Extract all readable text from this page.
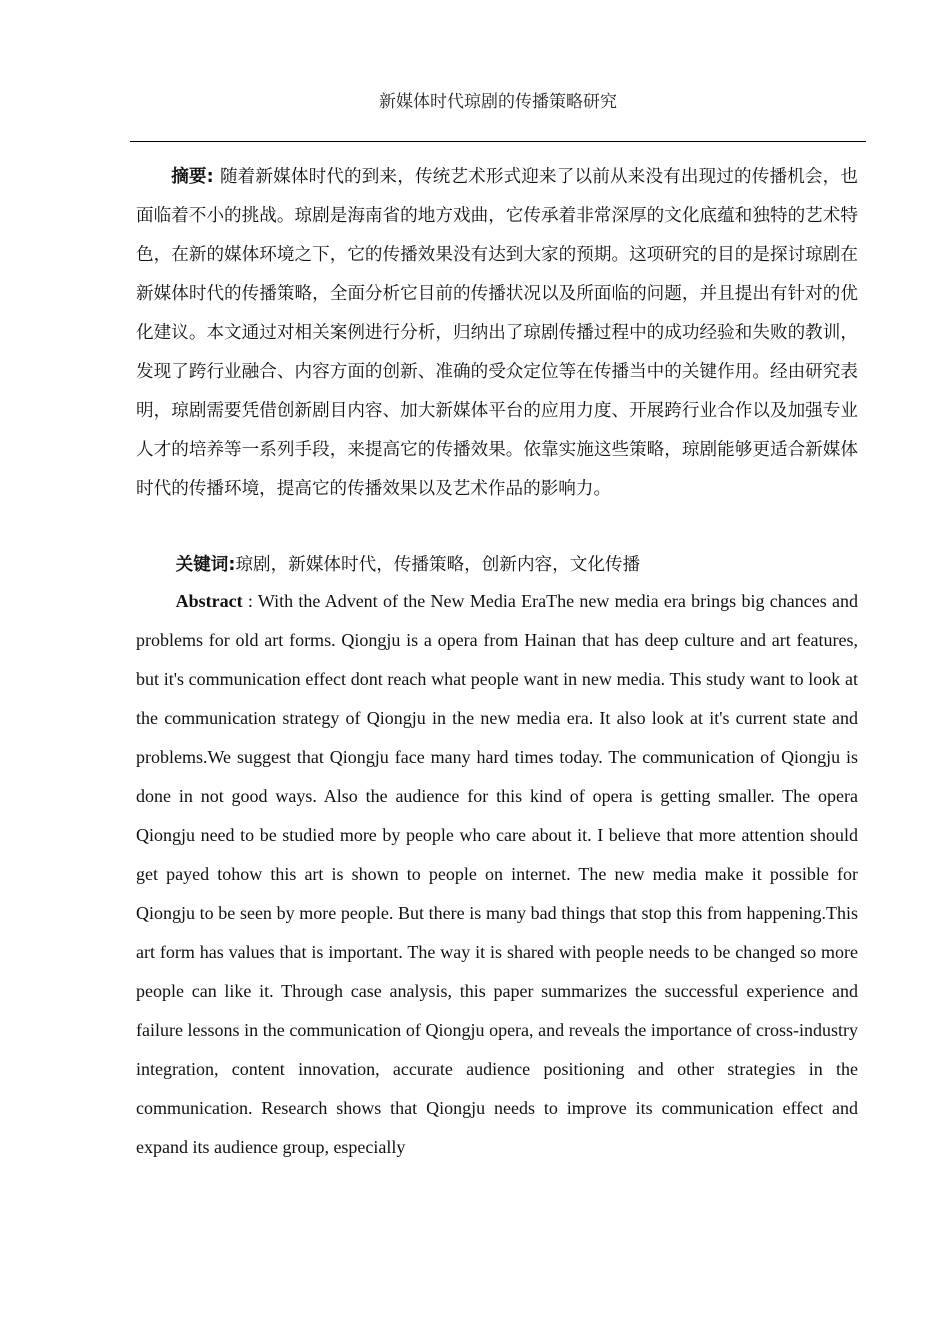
新媒体时代琼剧的传播策略研究

摘要: 随着新媒体时代的到来，传统艺术形式迎来了以前从来没有出现过的传播机会，也面临着不小的挑战。琼剧是海南省的地方戏曲，它传承着非常深厚的文化底蕴和独特的艺术特色，在新的媒体环境之下，它的传播效果没有达到大家的预期。这项研究的目的是探讨琼剧在新媒体时代的传播策略，全面分析它目前的传播状况以及所面临的问题，并且提出有针对的优化建议。本文通过对相关案例进行分析，归纳出了琼剧传播过程中的成功经验和失败的教训，发现了跨行业融合、内容方面的创新、准确的受众定位等在传播当中的关键作用。经由研究表明，琼剧需要凭借创新剧目内容、加大新媒体平台的应用力度、开展跨行业合作以及加强专业人才的培养等一系列手段，来提高它的传播效果。依靠实施这些策略，琼剧能够更适合新媒体时代的传播环境，提高它的传播效果以及艺术作品的影响力。

关键词:琼剧，新媒体时代，传播策略，创新内容，文化传播

Abstract : With the Advent of the New Media EraThe new media era brings big chances and problems for old art forms. Qiongju is a opera from Hainan that has deep culture and art features, but it's communication effect dont reach what people want in new media. This study want to look at the communication strategy of Qiongju in the new media era. It also look at it's current state and problems.We suggest that Qiongju face many hard times today. The communication of Qiongju is done in not good ways. Also the audience for this kind of opera is getting smaller. The opera Qiongju need to be studied more by people who care about it. I believe that more attention should get payed tohow this art is shown to people on internet. The new media make it possible for Qiongju to be seen by more people. But there is many bad things that stop this from happening.This art form has values that is important. The way it is shared with people needs to be changed so more people can like it. Through case analysis, this paper summarizes the successful experience and failure lessons in the communication of Qiongju opera, and reveals the importance of cross-industry integration, content innovation, accurate audience positioning and other strategies in the communication. Research shows that Qiongju needs to improve its communication effect and expand its audience group, especially
